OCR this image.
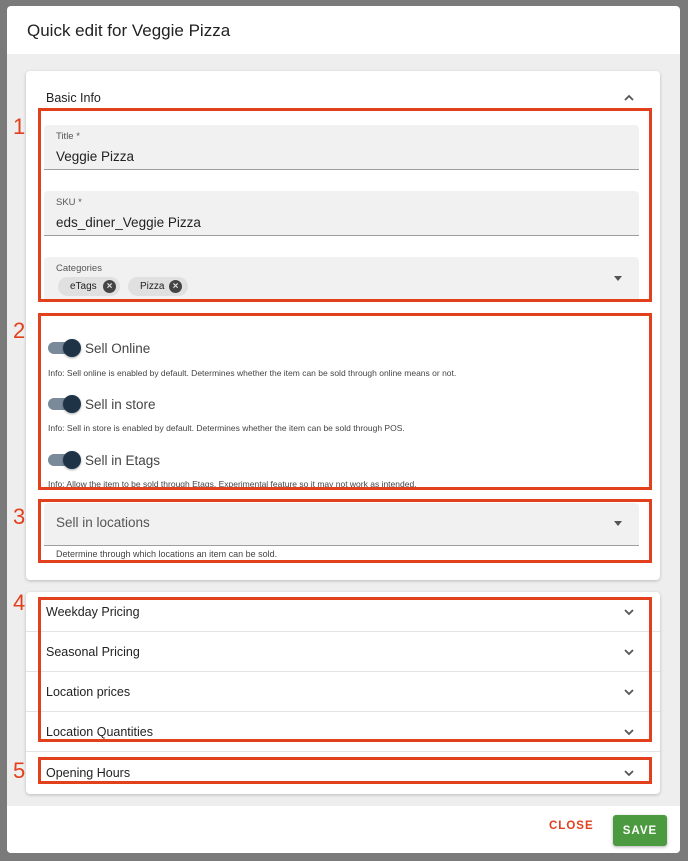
Quick edit for Veggie Pizza
Basic Info
Title *
Veggie Pizza
SKU *
eds_diner_Veggie Pizza
Categories
eTags ×	Pizza ×
Sell Online
Info: Sell online is enabled by default. Determines whether the item can be sold through online means or not.
Sell in store
Info: Sell in store is enabled by default. Determines whether the item can be sold through POS.
Sell in Etags
Info: Allow the item to be sold through Etags. Experimental feature so it may not work as intended.
Sell in locations
Determine through which locations an item can be sold.
Weekday Pricing
Seasonal Pricing
Location prices
Location Quantities
Opening Hours
CLOSE	SAVE
1
2
3
4
5
